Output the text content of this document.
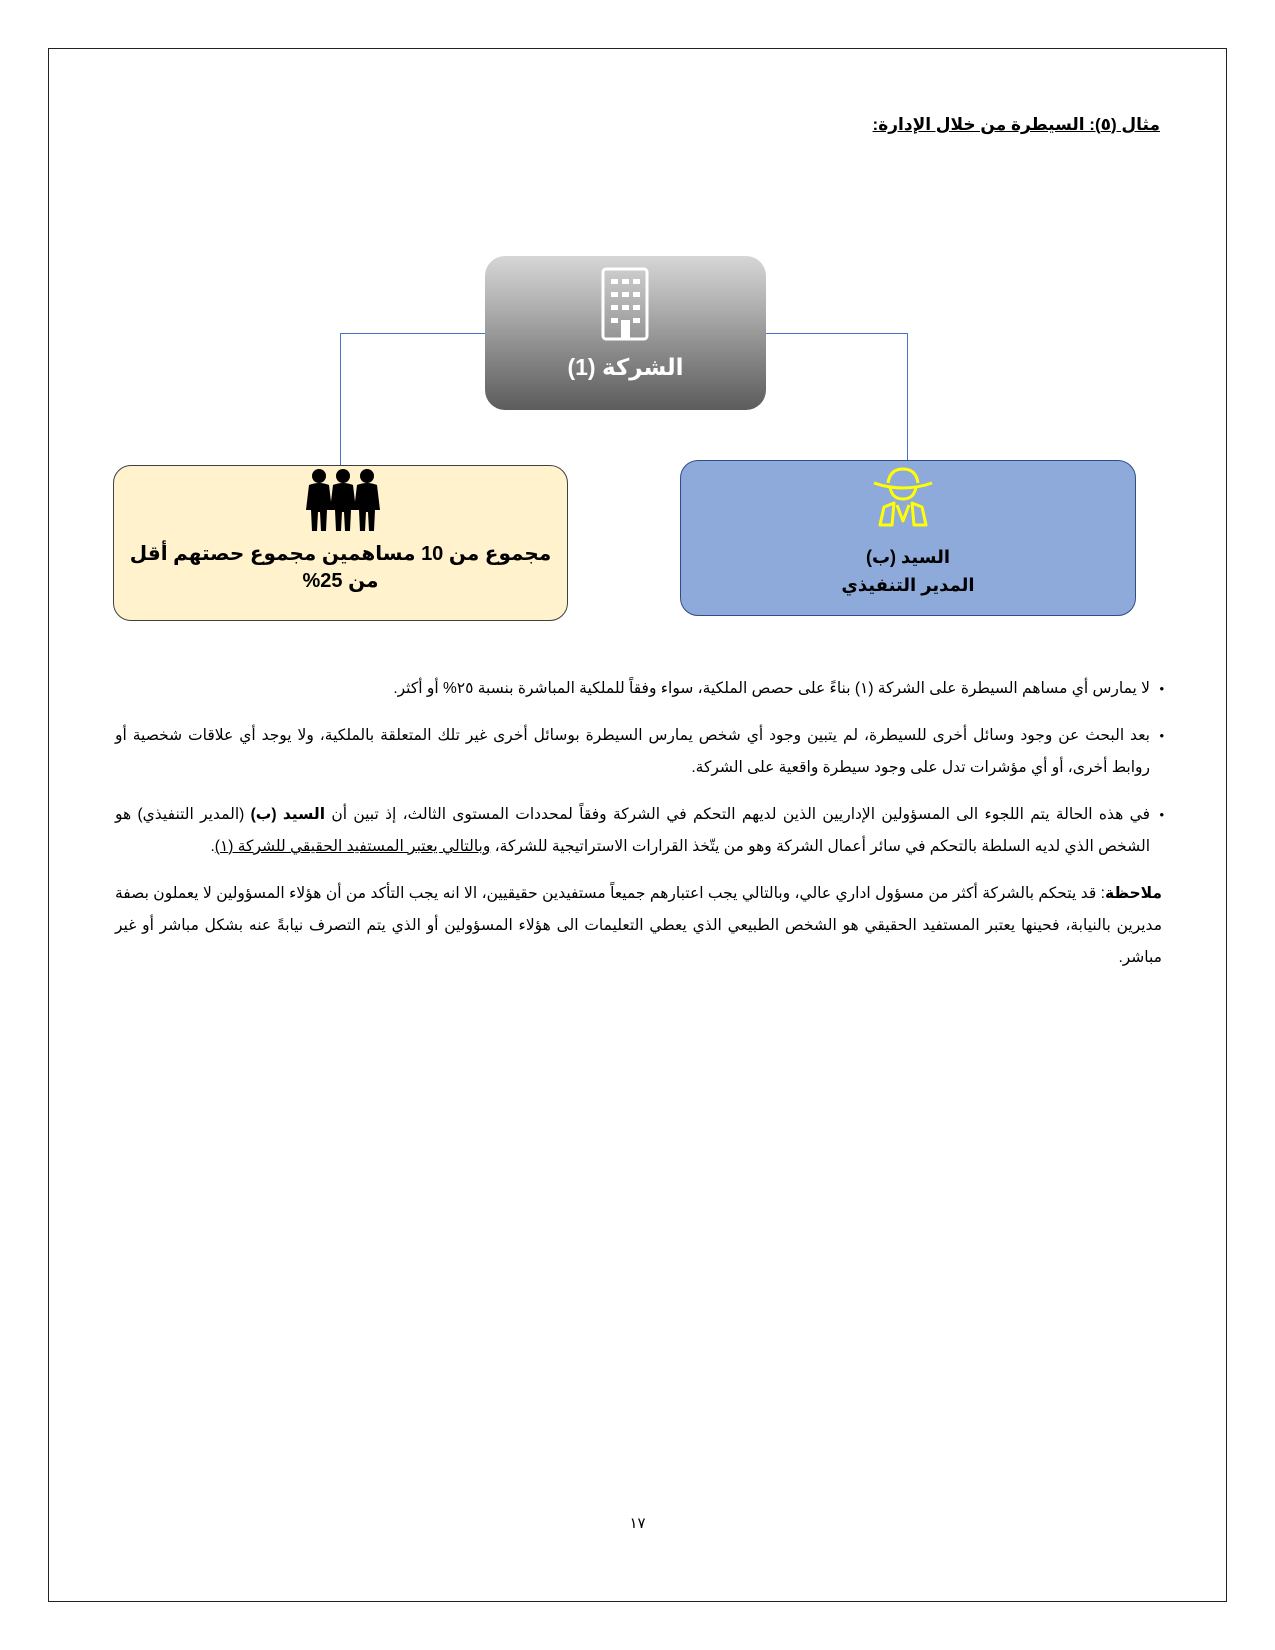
مثال (٥): السيطرة من خلال الإدارة:
الشركة (1)
مجموع من 10 مساهمين مجموع حصتهم أقل من 25%
السيد (ب)
المدير التنفيذي
• لا يمارس أي مساهم السيطرة على الشركة (١) بناءً على حصص الملكية، سواء وفقاً للملكية المباشرة بنسبة ٢٥% أو أكثر.
• بعد البحث عن وجود وسائل أخرى للسيطرة، لم يتبين وجود أي شخص يمارس السيطرة بوسائل أخرى غير تلك المتعلقة بالملكية، ولا يوجد أي علاقات شخصية أو روابط أخرى، أو أي مؤشرات تدل على وجود سيطرة واقعية على الشركة.
• في هذه الحالة يتم اللجوء الى المسؤولين الإداريين الذين لديهم التحكم في الشركة وفقاً لمحددات المستوى الثالث، إذ تبين أن السيد (ب) (المدير التنفيذي) هو الشخص الذي لديه السلطة بالتحكم في سائر أعمال الشركة وهو من يتّخذ القرارات الاستراتيجية للشركة، وبالتالي يعتبر المستفيد الحقيقي للشركة (١).

ملاحظة: قد يتحكم بالشركة أكثر من مسؤول اداري عالي، وبالتالي يجب اعتبارهم جميعاً مستفيدين حقيقيين، الا انه يجب التأكد من أن هؤلاء المسؤولين لا يعملون بصفة مديرين بالنيابة، فحينها يعتبر المستفيد الحقيقي هو الشخص الطبيعي الذي يعطي التعليمات الى هؤلاء المسؤولين أو الذي يتم التصرف نيابةً عنه بشكل مباشر أو غير مباشر.

١٧
